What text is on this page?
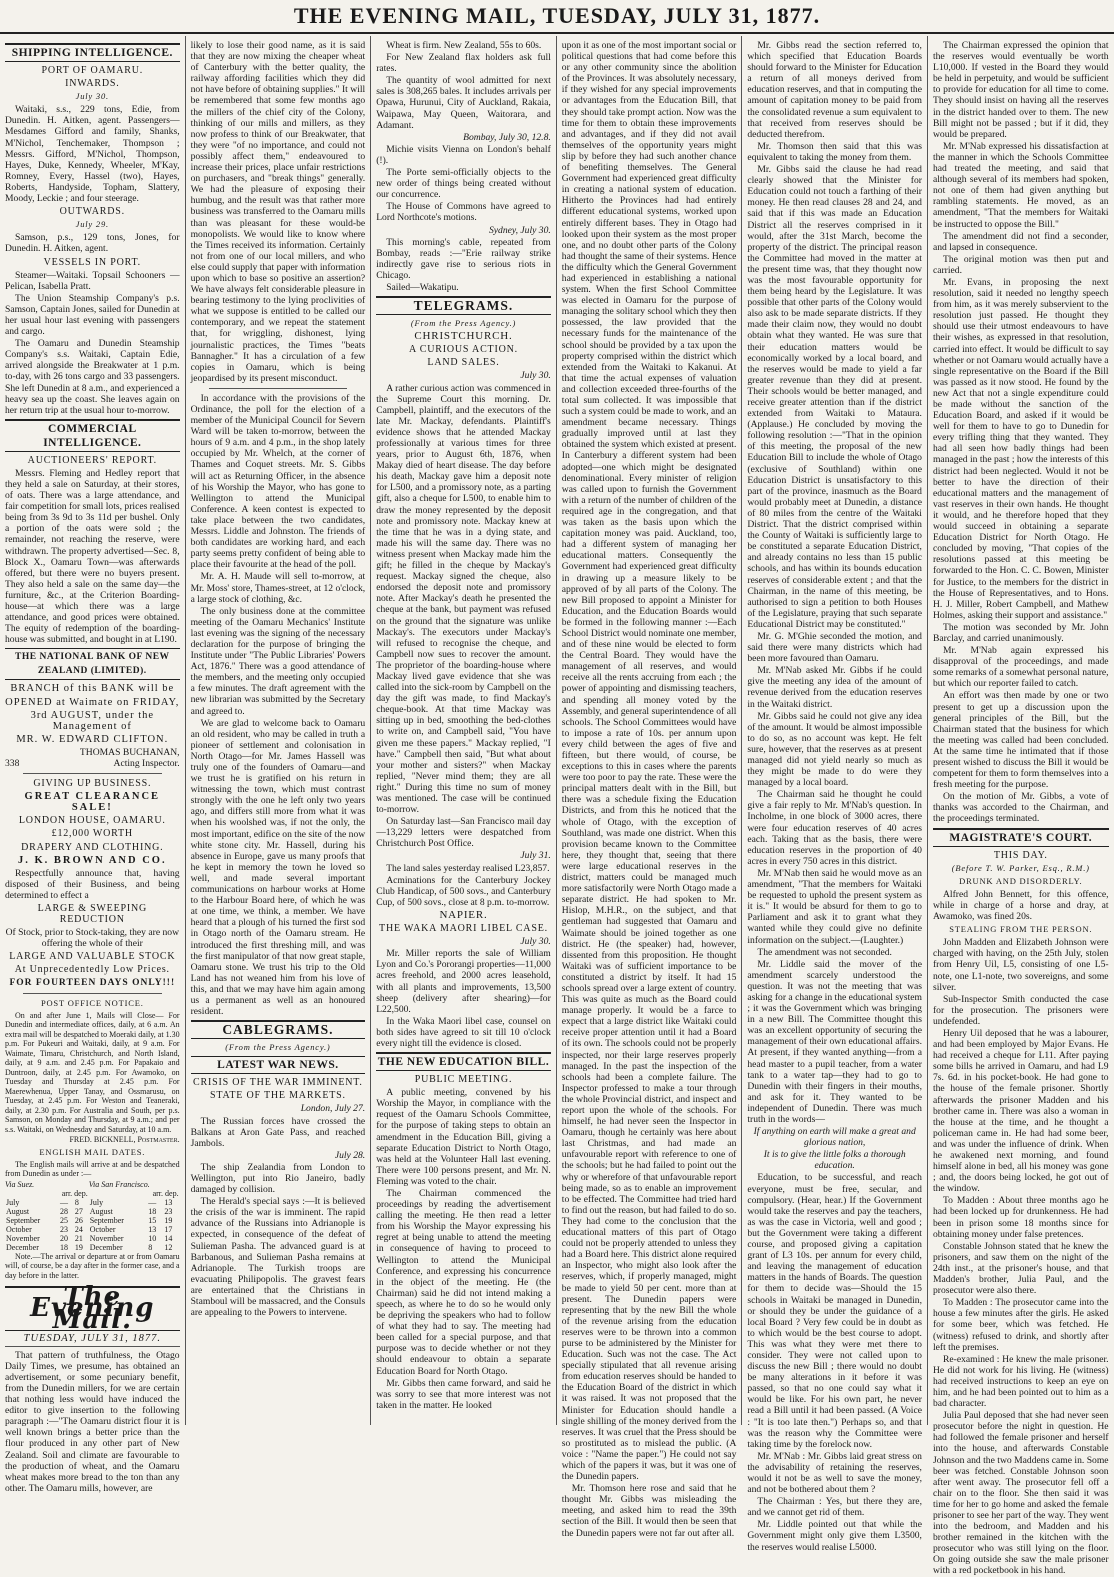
THE EVENING MAIL, TUESDAY, JULY 31, 1877.
SHIPPING INTELLIGENCE.
PORT OF OAMARU.
INWARDS.
July 30.

Waitaki, s.s., 229 tons, Edie, from Dunedin. H. Aitken, agent. Passengers—Mesdames Gifford and family, Shanks, M'Nichol, Tenchemaker, Thompson ; Messrs. Gifford, M'Nichol, Thompson, Hayes, Duke, Kennedy, Wheeler, M'Kay, Romney, Every, Hassel (two), Hayes, Roberts, Handyside, Topham, Slattery, Moody, Leckie ; and four steerage.

OUTWARDS.
July 29.

Samson, p.s., 129 tons, Jones, for Dunedin. H. Aitken, agent.

VESSELS IN PORT.

Steamer—Waitaki. Topsail Schooners — Pelican, Isabella Pratt.

The Union Steamship Company's p.s. Samson, Captain Jones, sailed for Dunedin at her usual hour last evening with passengers and cargo.

The Oamaru and Dunedin Steamship Company's s.s. Waitaki, Captain Edie, arrived alongside the Breakwater at 1 p.m. to-day, with 26 tons cargo and 33 passengers. She left Dunedin at 8 a.m., and experienced a heavy sea up the coast. She leaves again on her return trip at the usual hour to-morrow.

COMMERCIAL INTELLIGENCE.
AUCTIONEERS' REPORT.

Messrs. Fleming and Hedley report that they held a sale on Saturday, at their stores, of oats. There was a large attendance, and fair competition for small lots, prices realised being from 3s 9d to 3s 11d per bushel. Only a portion of the oats were sold ; the remainder, not reaching the reserve, were withdrawn. The property advertised—Sec. 8, Block X., Oamaru Town—was afterwards offered, but there were no buyers present. They also held a sale on the same day—the furniture, &c., at the Criterion Boarding-house—at which there was a large attendance, and good prices were obtained. The equity of redemption of the boarding-house was submitted, and bought in at L190.

THE NATIONAL BANK OF NEW ZEALAND (LIMITED).
BRANCH of this BANK will be
OPENED at Waimate on FRIDAY,
3rd AUGUST, under the Management of
MR. W. EDWARD CLIFTON.
THOMAS BUCHANAN,
338	Acting Inspector.
GIVING UP BUSINESS.
GREAT CLEARANCE SALE!
LONDON HOUSE, OAMARU.
£12,000 WORTH
DRAPERY AND CLOTHING.
J. K. BROWN AND CO.

Respectfully announce that, having disposed of their Business, and being determined to effect a

LARGE & SWEEPING REDUCTION

Of Stock, prior to Stock-taking, they are now offering the whole of their

LARGE AND VALUABLE STOCK
At Unprecedentedly Low Prices.
FOR FOURTEEN DAYS ONLY!!!
POST OFFICE NOTICE.

On and after June 1, Mails will Close— For Dunedin and intermediate offices, daily, at 6 a.m. An extra mail will be despatched to Moeraki daily, at 1.30 p.m. For Pukeuri and Waitaki, daily, at 9 a.m. For Waimate, Timaru, Christchurch, and North Island, daily, at 9 a.m. and 2.45 p.m. For Papakaio and Duntroon, daily, at 2.45 p.m. For Awamoko, on Tuesday and Thursday at 2.45 p.m. For Maerewhenua, Upper Tanay, and Ossmarusu, on Tuesday, at 2.45 p.m. For Weston and Teaneraki, daily, at 2.30 p.m. For Australia and South, per p.s. Samson, on Monday and Thursday, at 9 a.m.; and per s.s. Waitaki, on Wednesday and Saturday, at 10 a.m.

FRED. BICKNELL, Postmaster.
ENGLISH MAIL DATES.

The English mails will arrive at and be despatched from Dunedin as under :—

Via Suez.			Via San Francisco.		
arr. dep.			arr. dep.		
July	—	8	July	—	13
August	28	27	August	18	23
September	25	26	September	15	19
October	23	24	October	13	17
November	20	21	November	10	14
December	18	19	December	8	12

Note.—The arrival or departure at or from Oamaru will, of course, be a day after in the former case, and a day before in the latter.

The Evening Mail.
TUESDAY, JULY 31, 1877.

That pattern of truthfulness, the Otago Daily Times, we presume, has obtained an advertisement, or some pecuniary benefit, from the Dunedin millers, for we are certain that nothing less would have induced the editor to give insertion to the following paragraph :—"The Oamaru district flour it is well known brings a better price than the flour produced in any other part of New Zealand. Soil and climate are favourable to the production of wheat, and the Oamaru wheat makes more bread to the ton than any other. The Oamaru mills, however, are

likely to lose their good name, as it is said that they are now mixing the cheaper wheat of Canterbury with the better quality, the railway affording facilities which they did not have before of obtaining supplies." It will be remembered that some few months ago the millers of the chief city of the Colony, thinking of our mills and millers, as they now profess to think of our Breakwater, that they were "of no importance, and could not possibly affect them," endeavoured to increase their prices, place unfair restrictions on purchasers, and "break things" generally. We had the pleasure of exposing their humbug, and the result was that rather more business was transferred to the Oamaru mills than was pleasant for these would-be monopolists. We would like to know where the Times received its information. Certainly not from one of our local millers, and who else could supply that paper with information upon which to base so positive an assertion? We have always felt considerable pleasure in bearing testimony to the lying proclivities of what we suppose is entitled to be called our contemporary, and we repeat the statement that, for wriggling, dishonest, lying journalistic practices, the Times "beats Bannagher." It has a circulation of a few copies in Oamaru, which is being jeopardised by its present misconduct.

In accordance with the provisions of the Ordinance, the poll for the election of a member of the Municipal Council for Severn Ward will be taken to-morrow, between the hours of 9 a.m. and 4 p.m., in the shop lately occupied by Mr. Whelch, at the corner of Thames and Coquet streets. Mr. S. Gibbs will act as Returning Officer, in the absence of his Worship the Mayor, who has gone to Wellington to attend the Municipal Conference. A keen contest is expected to take place between the two candidates, Messrs. Liddle and Johnston. The friends of both candidates are working hard, and each party seems pretty confident of being able to place their favourite at the head of the poll.

Mr. A. H. Maude will sell to-morrow, at Mr. Moss' store, Thames-street, at 12 o'clock, a large stock of clothing, &c.

The only business done at the committee meeting of the Oamaru Mechanics' Institute last evening was the signing of the necessary declaration for the purpose of bringing the Institute under "The Public Libraries' Powers Act, 1876." There was a good attendance of the members, and the meeting only occupied a few minutes. The draft agreement with the new librarian was submitted by the Secretary and agreed to.

We are glad to welcome back to Oamaru an old resident, who may be called in truth a pioneer of settlement and colonisation in North Otago—for Mr. James Hassell was truly one of the founders of Oamaru—and we trust he is gratified on his return in witnessing the town, which must contrast strongly with the one he left only two years ago, and differs still more from what it was when his woolshed was, if not the only, the most important, edifice on the site of the now white stone city. Mr. Hassell, during his absence in Europe, gave us many proofs that he kept in memory the town he loved so well, and made several important communications on harbour works at Home to the Harbour Board here, of which he was at one time, we think, a member. We have heard that a plough of his turned the first sod in Otago north of the Oamaru stream. He introduced the first threshing mill, and was the first manipulator of that now great staple, Oamaru stone. We trust his trip to the Old Land has not weaned him from his love of this, and that we may have him again among us a permanent as well as an honoured resident.

CABLEGRAMS.
(From the Press Agency.)
LATEST WAR NEWS.
CRISIS OF THE WAR IMMINENT.
STATE OF THE MARKETS.
London, July 27.

The Russian forces have crossed the Balkans at Aron Gate Pass, and reached Jambols.

July 28.

The ship Zealandia from London to Wellington, put into Rio Janeiro, badly damaged by collision.

The Herald's special says :—It is believed the crisis of the war is imminent. The rapid advance of the Russians into Adrianople is expected, in consequence of the defeat of Sulieman Pasha. The advanced guard is at Barbanous, and Sulieman Pasha remains at Adrianople. The Turkish troops are evacuating Philipopolis. The gravest fears are entertained that the Christians in Stamboul will be massacred, and the Consuls are appealing to the Powers to intervene.

Wheat is firm. New Zealand, 55s to 60s.

For New Zealand flax holders ask full rates.

The quantity of wool admitted for next sales is 308,265 bales. It includes arrivals per Opawa, Hurunui, City of Auckland, Rakaia, Waipawa, May Queen, Waitorara, and Adamant.

Bombay, July 30, 12.8.

Michie visits Vienna on London's behalf (!).

The Porte semi-officially objects to the new order of things being created without our concurrence.

The House of Commons have agreed to Lord Northcote's motions.

Sydney, July 30.

This morning's cable, repeated from Bombay, reads :—"Erie railway strike indirectly gave rise to serious riots in Chicago.

Sailed—Wakatipu.

TELEGRAMS.
(From the Press Agency.)
CHRISTCHURCH.
A CURIOUS ACTION.
LAND SALES.
July 30.

A rather curious action was commenced in the Supreme Court this morning. Dr. Campbell, plaintiff, and the executors of the late Mr. Mackay, defendants. Plaintiff's evidence shows that he attended Mackay professionally at various times for three years, prior to August 6th, 1876, when Makay died of heart disease. The day before his death, Mackay gave him a deposit note for L500, and a promissory note, as a parting gift, also a cheque for L500, to enable him to draw the money represented by the deposit note and promissory note. Mackay knew at the time that he was in a dying state, and made his will the same day. There was no witness present when Mackay made him the gift; he filled in the cheque by Mackay's request. Mackay signed the cheque, also endorsed the deposit note and promissory note. After Mackay's death he presented the cheque at the bank, but payment was refused on the ground that the signature was unlike Mackay's. The executors under Mackay's will refused to recognise the cheque, and Campbell now sues to recover the amount. The proprietor of the boarding-house where Mackay lived gave evidence that she was called into the sick-room by Campbell on the day the gift was made, to find Mackay's cheque-book. At that time Mackay was sitting up in bed, smoothing the bed-clothes to write on, and Campbell said, "You have given me these papers." Mackay replied, "I have." Campbell then said, "But what about your mother and sisters?" when Mackay replied, "Never mind them; they are all right." During this time no sum of money was mentioned. The case will be continued to-morrow.

On Saturday last—San Francisco mail day—13,229 letters were despatched from Christchurch Post Office.

July 31.

The land sales yesterday realised L23,857.

Acminations for the Canterbury Jockey Club Handicap, of 500 sovs., and Canterbury Cup, of 500 sovs., close at 8 p.m. to-morrow.

NAPIER.
THE WAKA MAORI LIBEL CASE.
July 30.

Mr. Miller reports the sale of William Lyon and Co.'s Pororangi properties—11,000 acres freehold, and 2000 acres leasehold, with all plants and improvements, 13,500 sheep (delivery after shearing)—for L22,500.

In the Waka Maori libel case, counsel on both sides have agreed to sit till 10 o'clock every night till the evidence is closed.

THE NEW EDUCATION BILL.
PUBLIC MEETING.

A public meeting, convened by his Worship the Mayor, in compliance with the request of the Oamaru Schools Committee, for the purpose of taking steps to obtain an amendment in the Education Bill, giving a separate Education District to North Otago, was held at the Volunteer Hall last evening. There were 100 persons present, and Mr. N. Fleming was voted to the chair.

The Chairman commenced the proceedings by reading the advertisement calling the meeting. He then read a letter from his Worship the Mayor expressing his regret at being unable to attend the meeting in consequence of having to proceed to Wellington to attend the Municipal Conference, and expressing his concurrence in the object of the meeting. He (the Chairman) said he did not intend making a speech, as where he to do so he would only be depriving the speakers who had to follow of what they had to say. The meeting had been called for a special purpose, and that purpose was to decide whether or not they should endeavour to obtain a separate Education Board for North Otago.

Mr. Gibbs then came forward, and said he was sorry to see that more interest was not taken in the matter. He looked

upon it as one of the most important social or political questions that had come before this or any other community since the abolition of the Provinces. It was absolutely necessary, if they wished for any special improvements or advantages from the Education Bill, that they should take prompt action. Now was the time for them to obtain these improvements and advantages, and if they did not avail themselves of the opportunity years might slip by before they had such another chance of benefiting themselves. The General Government had experienced great difficulty in creating a national system of education. Hitherto the Provinces had had entirely different educational systems, worked upon entirely different bases. They in Otago had looked upon their system as the most proper one, and no doubt other parts of the Colony had thought the same of their systems. Hence the difficulty which the General Government had experienced in establishing a national system. When the first School Committee was elected in Oamaru for the purpose of managing the solitary school which they then possessed, the law provided that the necessary funds for the maintenance of the school should be provided by a tax upon the property comprised within the district which extended from the Waitaki to Kakanui. At that time the actual expenses of valuation and collection exceeded three-fourths of the total sum collected. It was impossible that such a system could be made to work, and an amendment became necessary. Things gradually improved until at last they obtained the system which existed at present. In Canterbury a different system had been adopted—one which might be designated denominational. Every minister of religion was called upon to furnish the Government with a return of the number of children of the required age in the congregation, and that was taken as the basis upon which the capitation money was paid. Auckland, too, had a different system of managing her educational matters. Consequently the Government had experienced great difficulty in drawing up a measure likely to be approved of by all parts of the Colony. The new Bill proposed to appoint a Minister for Education, and the Education Boards would be formed in the following manner :—Each School District would nominate one member, and of these nine would be elected to form the Central Board. They would have the management of all reserves, and would receive all the rents accruing from each ; the power of appointing and dismissing teachers, and spending all money voted by the Assembly, and general superintendence of all schools. The School Committees would have to impose a rate of 10s. per annum upon every child between the ages of five and fifteen, but there would, of course, be exceptions to this in cases where the parents were too poor to pay the rate. These were the principal matters dealt with in the Bill, but there was a schedule fixing the Education Districts, and from this he noticed that the whole of Otago, with the exception of Southland, was made one district. When this provision became known to the Committee here, they thought that, seeing that there were large educational reserves in the district, matters could be managed much more satisfactorily were North Otago made a separate district. He had spoken to Mr. Hislop, M.H.R., on the subject, and that gentleman had suggested that Oamaru and Waimate should be joined together as one district. He (the speaker) had, however, dissented from this proposition. He thought Waitaki was of sufficient importance to be constituted a district by itself. It had 15 schools spread over a large extent of country. This was quite as much as the Board could manage properly. It would be a farce to expect that a large district like Waitaki could receive proper attention until it had a Board of its own. The schools could not be properly inspected, nor their large reserves properly managed. In the past the inspection of the schools had been a complete failure. The Inspector professed to make a tour through the whole Provincial district, and inspect and report upon the whole of the schools. For himself, he had never seen the Inspector in Oamaru, though he certainly was here about last Christmas, and had made an unfavourable report with reference to one of the schools; but he had failed to point out the why or wherefore of that unfavourable report being made, so as to enable an improvement to be effected. The Committee had tried hard to find out the reason, but had failed to do so. They had come to the conclusion that the educational matters of this part of Otago could not be properly attended to unless they had a Board here. This district alone required an Inspector, who might also look after the reserves, which, if properly managed, might be made to yield 50 per cent. more than at present. The Dunedin papers were representing that by the new Bill the whole of the revenue arising from the education reserves were to be thrown into a common purse to be administered by the Minister for Education. Such was not the case. The Act specially stipulated that all revenue arising from education reserves should be handed to the Education Board of the district in which it was raised. It was not proposed that the Minister for Education should handle a single shilling of the money derived from the reserves. It was cruel that the Press should be so prostituted as to mislead the public. (A voice : "Name the paper.") He could not say which of the papers it was, but it was one of the Dunedin papers.

Mr. Thomson here rose and said that he thought Mr. Gibbs was misleading the meeting, and asked him to read the 39th section of the Bill. It would then be seen that the Dunedin papers were not far out after all.

Mr. Gibbs read the section referred to, which specified that Education Boards should forward to the Minister for Education a return of all moneys derived from education reserves, and that in computing the amount of capitation money to be paid from the consolidated revenue a sum equivalent to that received from reserves should be deducted therefrom.

Mr. Thomson then said that this was equivalent to taking the money from them.

Mr. Gibbs said the clause he had read clearly showed that the Minister for Education could not touch a farthing of their money. He then read clauses 28 and 24, and said that if this was made an Education District all the reserves comprised in it would, after the 31st March, become the property of the district. The principal reason the Committee had moved in the matter at the present time was, that they thought now was the most favourable opportunity for them being heard by the Legislature. It was possible that other parts of the Colony would also ask to be made separate districts. If they made their claim now, they would no doubt obtain what they wanted. He was sure that their education matters would be economically worked by a local board, and the reserves would be made to yield a far greater revenue than they did at present. Their schools would be better managed, and receive greater attention than if the district extended from Waitaki to Mataura. (Applause.) He concluded by moving the following resolution :—"That in the opinion of this meeting, the proposal of the new Education Bill to include the whole of Otago (exclusive of Southland) within one Education District is unsatisfactory to this part of the province, inasmuch as the Board would probably meet at Dunedin, a distance of 80 miles from the centre of the Waitaki District. That the district comprised within the County of Waitaki is sufficiently large to be constituted a separate Education District, and already contains no less than 15 public schools, and has within its bounds education reserves of considerable extent ; and that the Chairman, in the name of this meeting, be authorised to sign a petition to both Houses of the Legislature, praying that such separate Educational District may be constituted."

Mr. G. M'Ghie seconded the motion, and said there were many districts which had been more favoured than Oamaru.

Mr. M'Nab asked Mr. Gibbs if he could give the meeting any idea of the amount of revenue derived from the education reserves in the Waitaki district.

Mr. Gibbs said he could not give any idea of the amount. It would be almost impossible to do so, as no account was kept. He felt sure, however, that the reserves as at present managed did not yield nearly so much as they might be made to do were they managed by a local board.

The Chairman said he thought he could give a fair reply to Mr. M'Nab's question. In Incholme, in one block of 3000 acres, there were four education reserves of 40 acres each. Taking that as the basis, there were education reserves in the proportion of 40 acres in every 750 acres in this district.

Mr. M'Nab then said he would move as an amendment, "That the members for Waitaki be requested to uphold the present system as it is." It would be absurd for them to go to Parliament and ask it to grant what they wanted while they could give no definite information on the subject.—(Laughter.)

The amendment was not seconded.

Mr. Liddle said the mover of the amendment scarcely understood the question. It was not the meeting that was asking for a change in the educational system ; it was the Government which was bringing in a new Bill. The Committee thought this was an excellent opportunity of securing the management of their own educational affairs. At present, if they wanted anything—from a head master to a pupil teacher, from a water tank to a water tap—they had to go to Dunedin with their fingers in their mouths, and ask for it. They wanted to be independent of Dunedin. There was much truth in the words—

If anything on earth will make a great and glorious nation,

It is to give the little folks a thorough education.

Education, to be successful, and reach everyone, must be free, secular, and compulsory. (Hear, hear.) If the Government would take the reserves and pay the teachers, as was the case in Victoria, well and good ; but the Government were taking a different course, and proposed giving a capitation grant of L3 10s. per annum for every child, and leaving the management of education matters in the hands of Boards. The question for them to decide was—Should the 15 schools in Waitaki be managed in Dunedin, or should they be under the guidance of a local Board ? Very few could be in doubt as to which would be the best course to adopt. This was what they were met there to consider. They were not called upon to discuss the new Bill ; there would no doubt be many alterations in it before it was passed, so that no one could say what it would be like. For his own part, he never read a Bill until it had been passed. (A Voice : "It is too late then.") Perhaps so, and that was the reason why the Committee were taking time by the forelock now.

Mr. M'Nab : Mr. Gibbs laid great stress on the advisability of retaining the reserves, would it not be as well to save the money, and not be bothered about them ?

The Chairman : Yes, but there they are, and we cannot get rid of them.

Mr. Liddle pointed out that while the Government might only give them L3500, the reserves would realise L5000.

The Chairman expressed the opinion that the reserves would eventually be worth L10,000. If vested in the Board they would be held in perpetuity, and would be sufficient to provide for education for all time to come. They should insist on having all the reserves in the district handed over to them. The new Bill might not be passed ; but if it did, they would be prepared.

Mr. M'Nab expressed his dissatisfaction at the manner in which the Schools Committee had treated the meeting, and said that although several of its members had spoken, not one of them had given anything but rambling statements. He moved, as an amendment, "That the members for Waitaki be instructed to oppose the Bill."

The amendment did not find a seconder, and lapsed in consequence.

The original motion was then put and carried.

Mr. Evans, in proposing the next resolution, said it needed no lengthy speech from him, as it was merely subservient to the resolution just passed. He thought they should use their utmost endeavours to have their wishes, as expressed in that resolution, carried into effect. It would be difficult to say whether or not Oamaru would actually have a single representative on the Board if the Bill was passed as it now stood. He found by the new Act that not a single expenditure could be made without the sanction of the Education Board, and asked if it would be well for them to have to go to Dunedin for every trifling thing that they wanted. They had all seen how badly things had been managed in the past ; how the interests of this district had been neglected. Would it not be better to have the direction of their educational matters and the management of vast reserves in their own hands. He thought it would, and he therefore hoped that they would succeed in obtaining a separate Education District for North Otago. He concluded by moving, "That copies of the resolutions passed at this meeting be forwarded to the Hon. C. C. Bowen, Minister for Justice, to the members for the district in the House of Representatives, and to Hons. H. J. Miller, Robert Campbell, and Mathew Holmes, asking their support and assistance."

The motion was seconded by Mr. John Barclay, and carried unanimously.

Mr. M'Nab again expressed his disapproval of the proceedings, and made some remarks of a somewhat personal nature, but which our reporter failed to catch.

An effort was then made by one or two present to get up a discussion upon the general principles of the Bill, but the Chairman stated that the business for which the meeting was called had been concluded. At the same time he intimated that if those present wished to discuss the Bill it would be competent for them to form themselves into a fresh meeting for the purpose.

On the motion of Mr. Gibbs, a vote of thanks was accorded to the Chairman, and the proceedings terminated.

MAGISTRATE'S COURT.
THIS DAY.
(Before T. W. Parker, Esq., R.M.)
DRUNK AND DISORDERLY.

Alfred John Bennett, for this offence, while in charge of a horse and dray, at Awamoko, was fined 20s.

STEALING FROM THE PERSON.

John Madden and Elizabeth Johnson were charged with having, on the 25th July, stolen from Henry Uil, L5, consisting of one L5-note, one L1-note, two sovereigns, and some silver.

Sub-Inspector Smith conducted the case for the prosecution. The prisoners were undefended.

Henry Uil deposed that he was a labourer, and had been employed by Major Evans. He had received a cheque for L11. After paying some bills he arrived in Oamaru, and had L9 7s. 6d. in his pocket-book. He had gone to the house of the female prisoner. Shortly afterwards the prisoner Madden and his brother came in. There was also a woman in the house at the time, and he thought a policeman came in. He had had some beer, and was under the influence of drink. When he awakened next morning, and found himself alone in bed, all his money was gone ; and, the doors being locked, he got out of the window.

To Madden : About three months ago he had been locked up for drunkenness. He had been in prison some 18 months since for obtaining money under false pretences.

Constable Johnson stated that he knew the prisoners, and saw them on the night of the 24th inst., at the prisoner's house, and that Madden's brother, Julia Paul, and the prosecutor were also there.

To Madden : The prosecutor came into the house a few minutes after the girls. He asked for some beer, which was fetched. He (witness) refused to drink, and shortly after left the premises.

Re-examined : He knew the male prisoner. He did not work for his living. He (witness) had received instructions to keep an eye on him, and he had been pointed out to him as a bad character.

Julia Paul deposed that she had never seen prosecutor before the night in question. He had followed the female prisoner and herself into the house, and afterwards Constable Johnson and the two Maddens came in. Some beer was fetched. Constable Johnson soon after went away. The prosecutor fell off a chair on to the floor. She then said it was time for her to go home and asked the female prisoner to see her part of the way. They went into the bedroom, and Madden and his brother remained in the kitchen with the prosecutor who was still lying on the floor. On going outside she saw the male prisoner with a red pocketbook in his hand.
